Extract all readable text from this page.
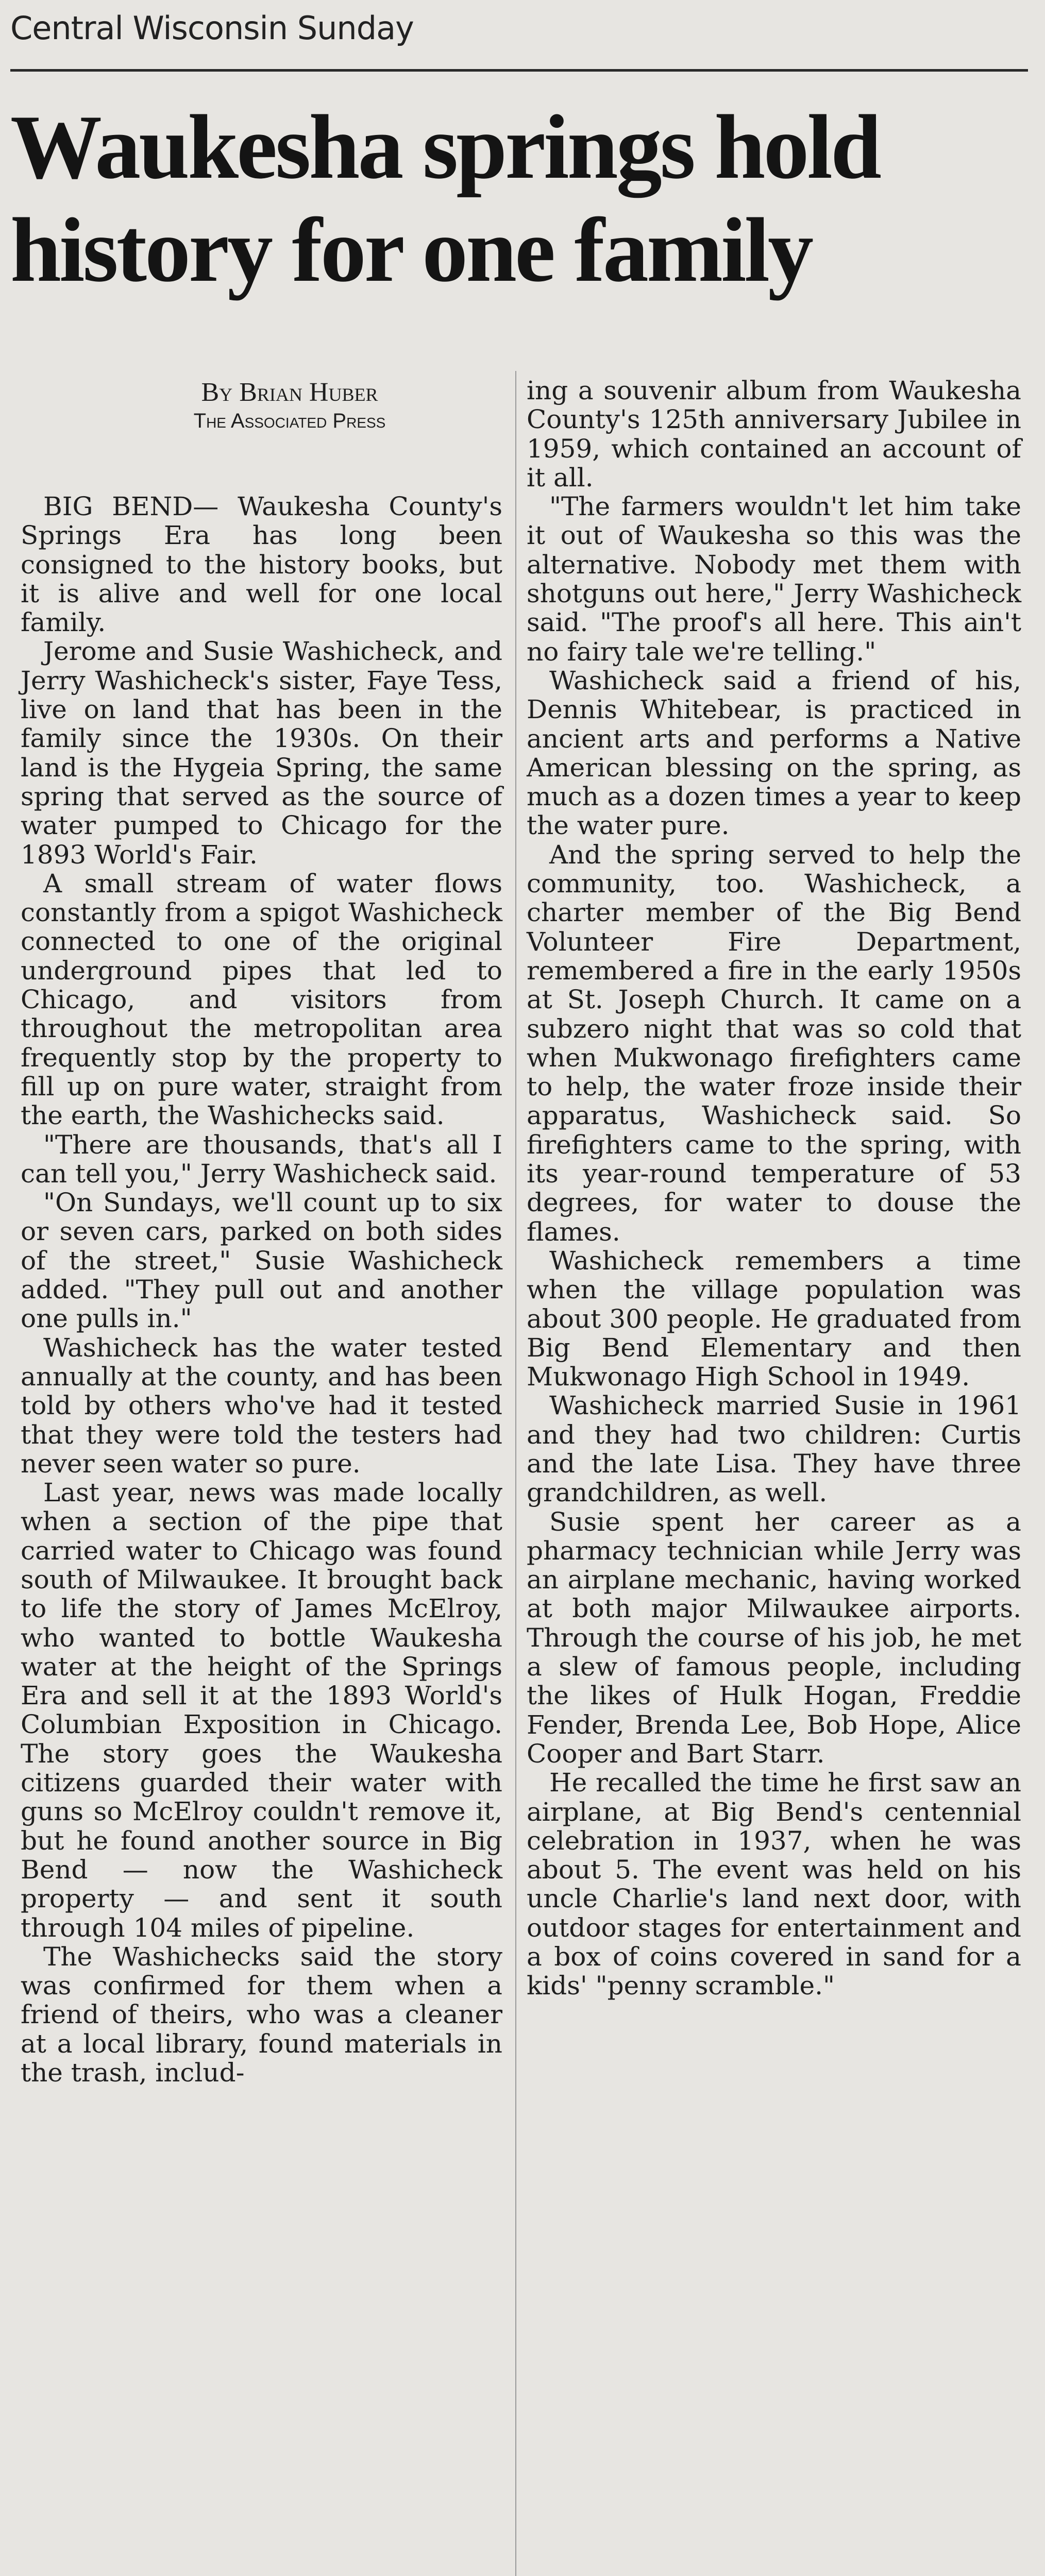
Central Wisconsin Sunday
Waukesha springs hold history for one family
By Brian Huber
The Associated Press

BIG BEND— Waukesha County's Springs Era has long been consigned to the history books, but it is alive and well for one local family.

Jerome and Susie Washicheck, and Jerry Washicheck's sister, Faye Tess, live on land that has been in the family since the 1930s. On their land is the Hygeia Spring, the same spring that served as the source of water pumped to Chicago for the 1893 World's Fair.

A small stream of water flows constantly from a spigot Washicheck connected to one of the original underground pipes that led to Chicago, and visitors from throughout the metropolitan area frequently stop by the property to fill up on pure water, straight from the earth, the Washichecks said.

"There are thousands, that's all I can tell you," Jerry Washicheck said.

"On Sundays, we'll count up to six or seven cars, parked on both sides of the street," Susie Washicheck added. "They pull out and another one pulls in."

Washicheck has the water tested annually at the county, and has been told by others who've had it tested that they were told the testers had never seen water so pure.

Last year, news was made locally when a section of the pipe that carried water to Chicago was found south of Milwaukee. It brought back to life the story of James McElroy, who wanted to bottle Waukesha water at the height of the Springs Era and sell it at the 1893 World's Columbian Exposition in Chicago. The story goes the Waukesha citizens guarded their water with guns so McElroy couldn't remove it, but he found another source in Big Bend — now the Washicheck property — and sent it south through 104 miles of pipeline.

The Washichecks said the story was confirmed for them when a friend of theirs, who was a cleaner at a local library, found materials in the trash, includ-

ing a souvenir album from Waukesha County's 125th anniversary Jubilee in 1959, which contained an account of it all.

"The farmers wouldn't let him take it out of Waukesha so this was the alternative. Nobody met them with shotguns out here," Jerry Washicheck said. "The proof's all here. This ain't no fairy tale we're telling."

Washicheck said a friend of his, Dennis Whitebear, is practiced in ancient arts and performs a Native American blessing on the spring, as much as a dozen times a year to keep the water pure.

And the spring served to help the community, too. Washicheck, a charter member of the Big Bend Volunteer Fire Department, remembered a fire in the early 1950s at St. Joseph Church. It came on a subzero night that was so cold that when Mukwonago firefighters came to help, the water froze inside their apparatus, Washicheck said. So firefighters came to the spring, with its year-round temperature of 53 degrees, for water to douse the flames.

Washicheck remembers a time when the village population was about 300 people. He graduated from Big Bend Elementary and then Mukwonago High School in 1949.

Washicheck married Susie in 1961 and they had two children: Curtis and the late Lisa. They have three grandchildren, as well.

Susie spent her career as a pharmacy technician while Jerry was an airplane mechanic, having worked at both major Milwaukee airports. Through the course of his job, he met a slew of famous people, including the likes of Hulk Hogan, Freddie Fender, Brenda Lee, Bob Hope, Alice Cooper and Bart Starr.

He recalled the time he first saw an airplane, at Big Bend's centennial celebration in 1937, when he was about 5. The event was held on his uncle Charlie's land next door, with outdoor stages for entertainment and a box of coins covered in sand for a kids' "penny scramble."
